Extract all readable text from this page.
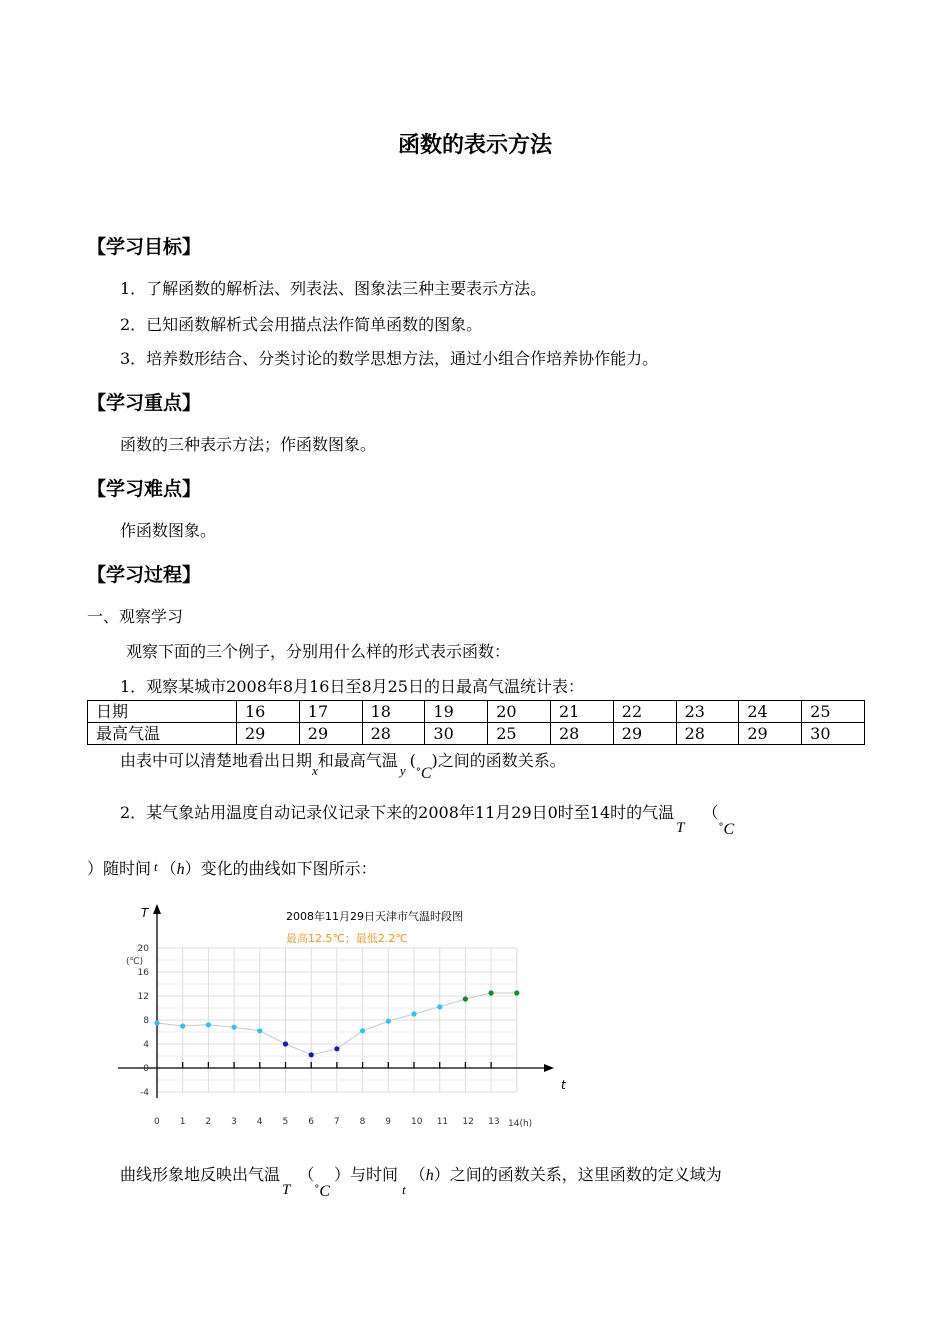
函数的表示方法
【学习目标】
1．了解函数的解析法、列表法、图象法三种主要表示方法。
2．已知函数解析式会用描点法作简单函数的图象。
3．培养数形结合、分类讨论的数学思想方法，通过小组合作培养协作能力。
【学习重点】
函数的三种表示方法；作函数图象。
【学习难点】
作函数图象。
【学习过程】
一、观察学习
观察下面的三个例子，分别用什么样的形式表示函数：
1．观察某城市2008年8月16日至8月25日的日最高气温统计表：
日期	16	17	18	19	20	21	22	23	24	25
最高气温	29	29	28	30	25	28	29	28	29	30
由表中可以清楚地看出日期$_x$和最高气温$_y(^\circ C)$之间的函数关系。
2．某气象站用温度自动记录仪记录下来的2008年11月29日0时至14时的气温$T(^\circ C$
）随时间 t （h）变化的曲线如下图所示：
0 1 2 3 4 5 6 7 8 9 10 11 12 13
20
16
12
8
4
0
-4
2008年11月29日天津市气温时段图
最高12.5℃；最低2.2℃
T
(℃)
t
14(h)
曲线形象地反映出气温$T(^\circ C)$与时间$_t$（h）之间的函数关系，这里函数的定义域为
